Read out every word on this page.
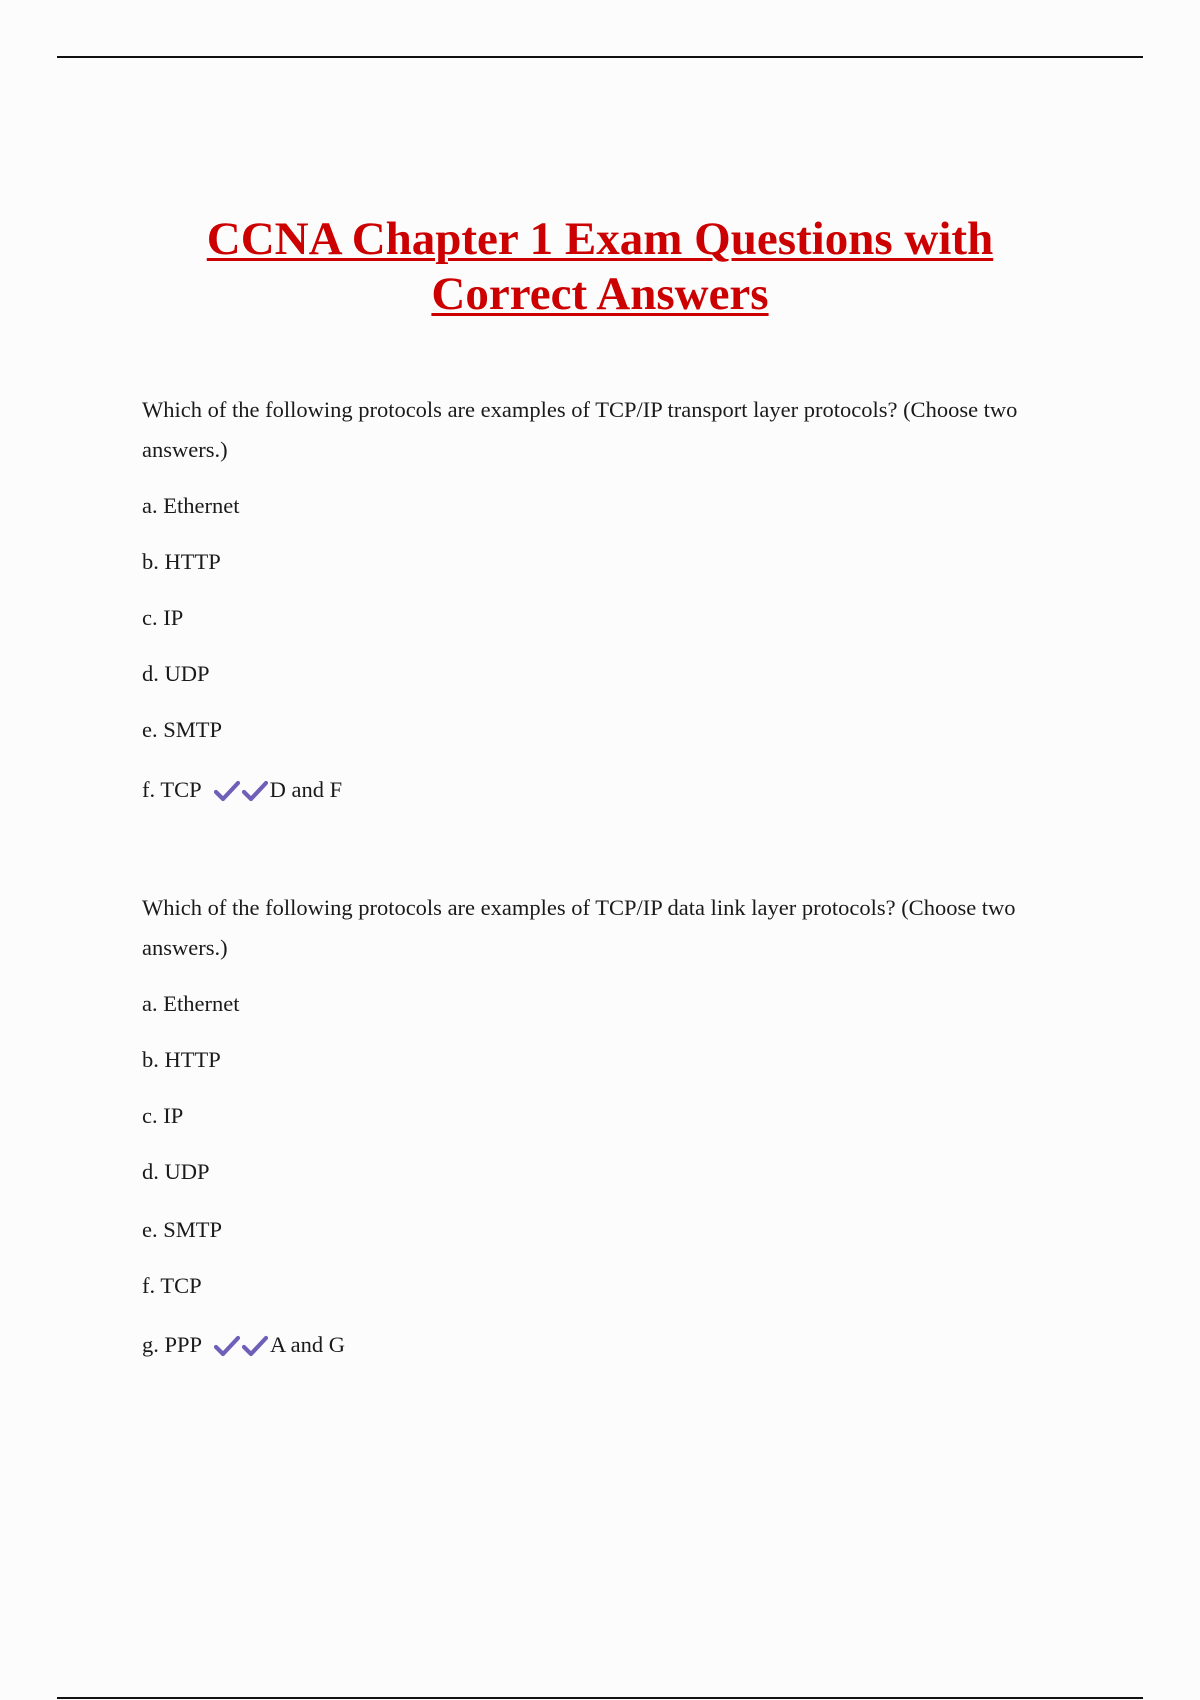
CCNA Chapter 1 Exam Questions with
Correct Answers
Which of the following protocols are examples of TCP/IP transport layer protocols? (Choose two answers.)
a. Ethernet
b. HTTP
c. IP
d. UDP
e. SMTP
f. TCP	D and F
Which of the following protocols are examples of TCP/IP data link layer protocols? (Choose two answers.)
a. Ethernet
b. HTTP
c. IP
d. UDP
e. SMTP
f. TCP
g. PPP	A and G
